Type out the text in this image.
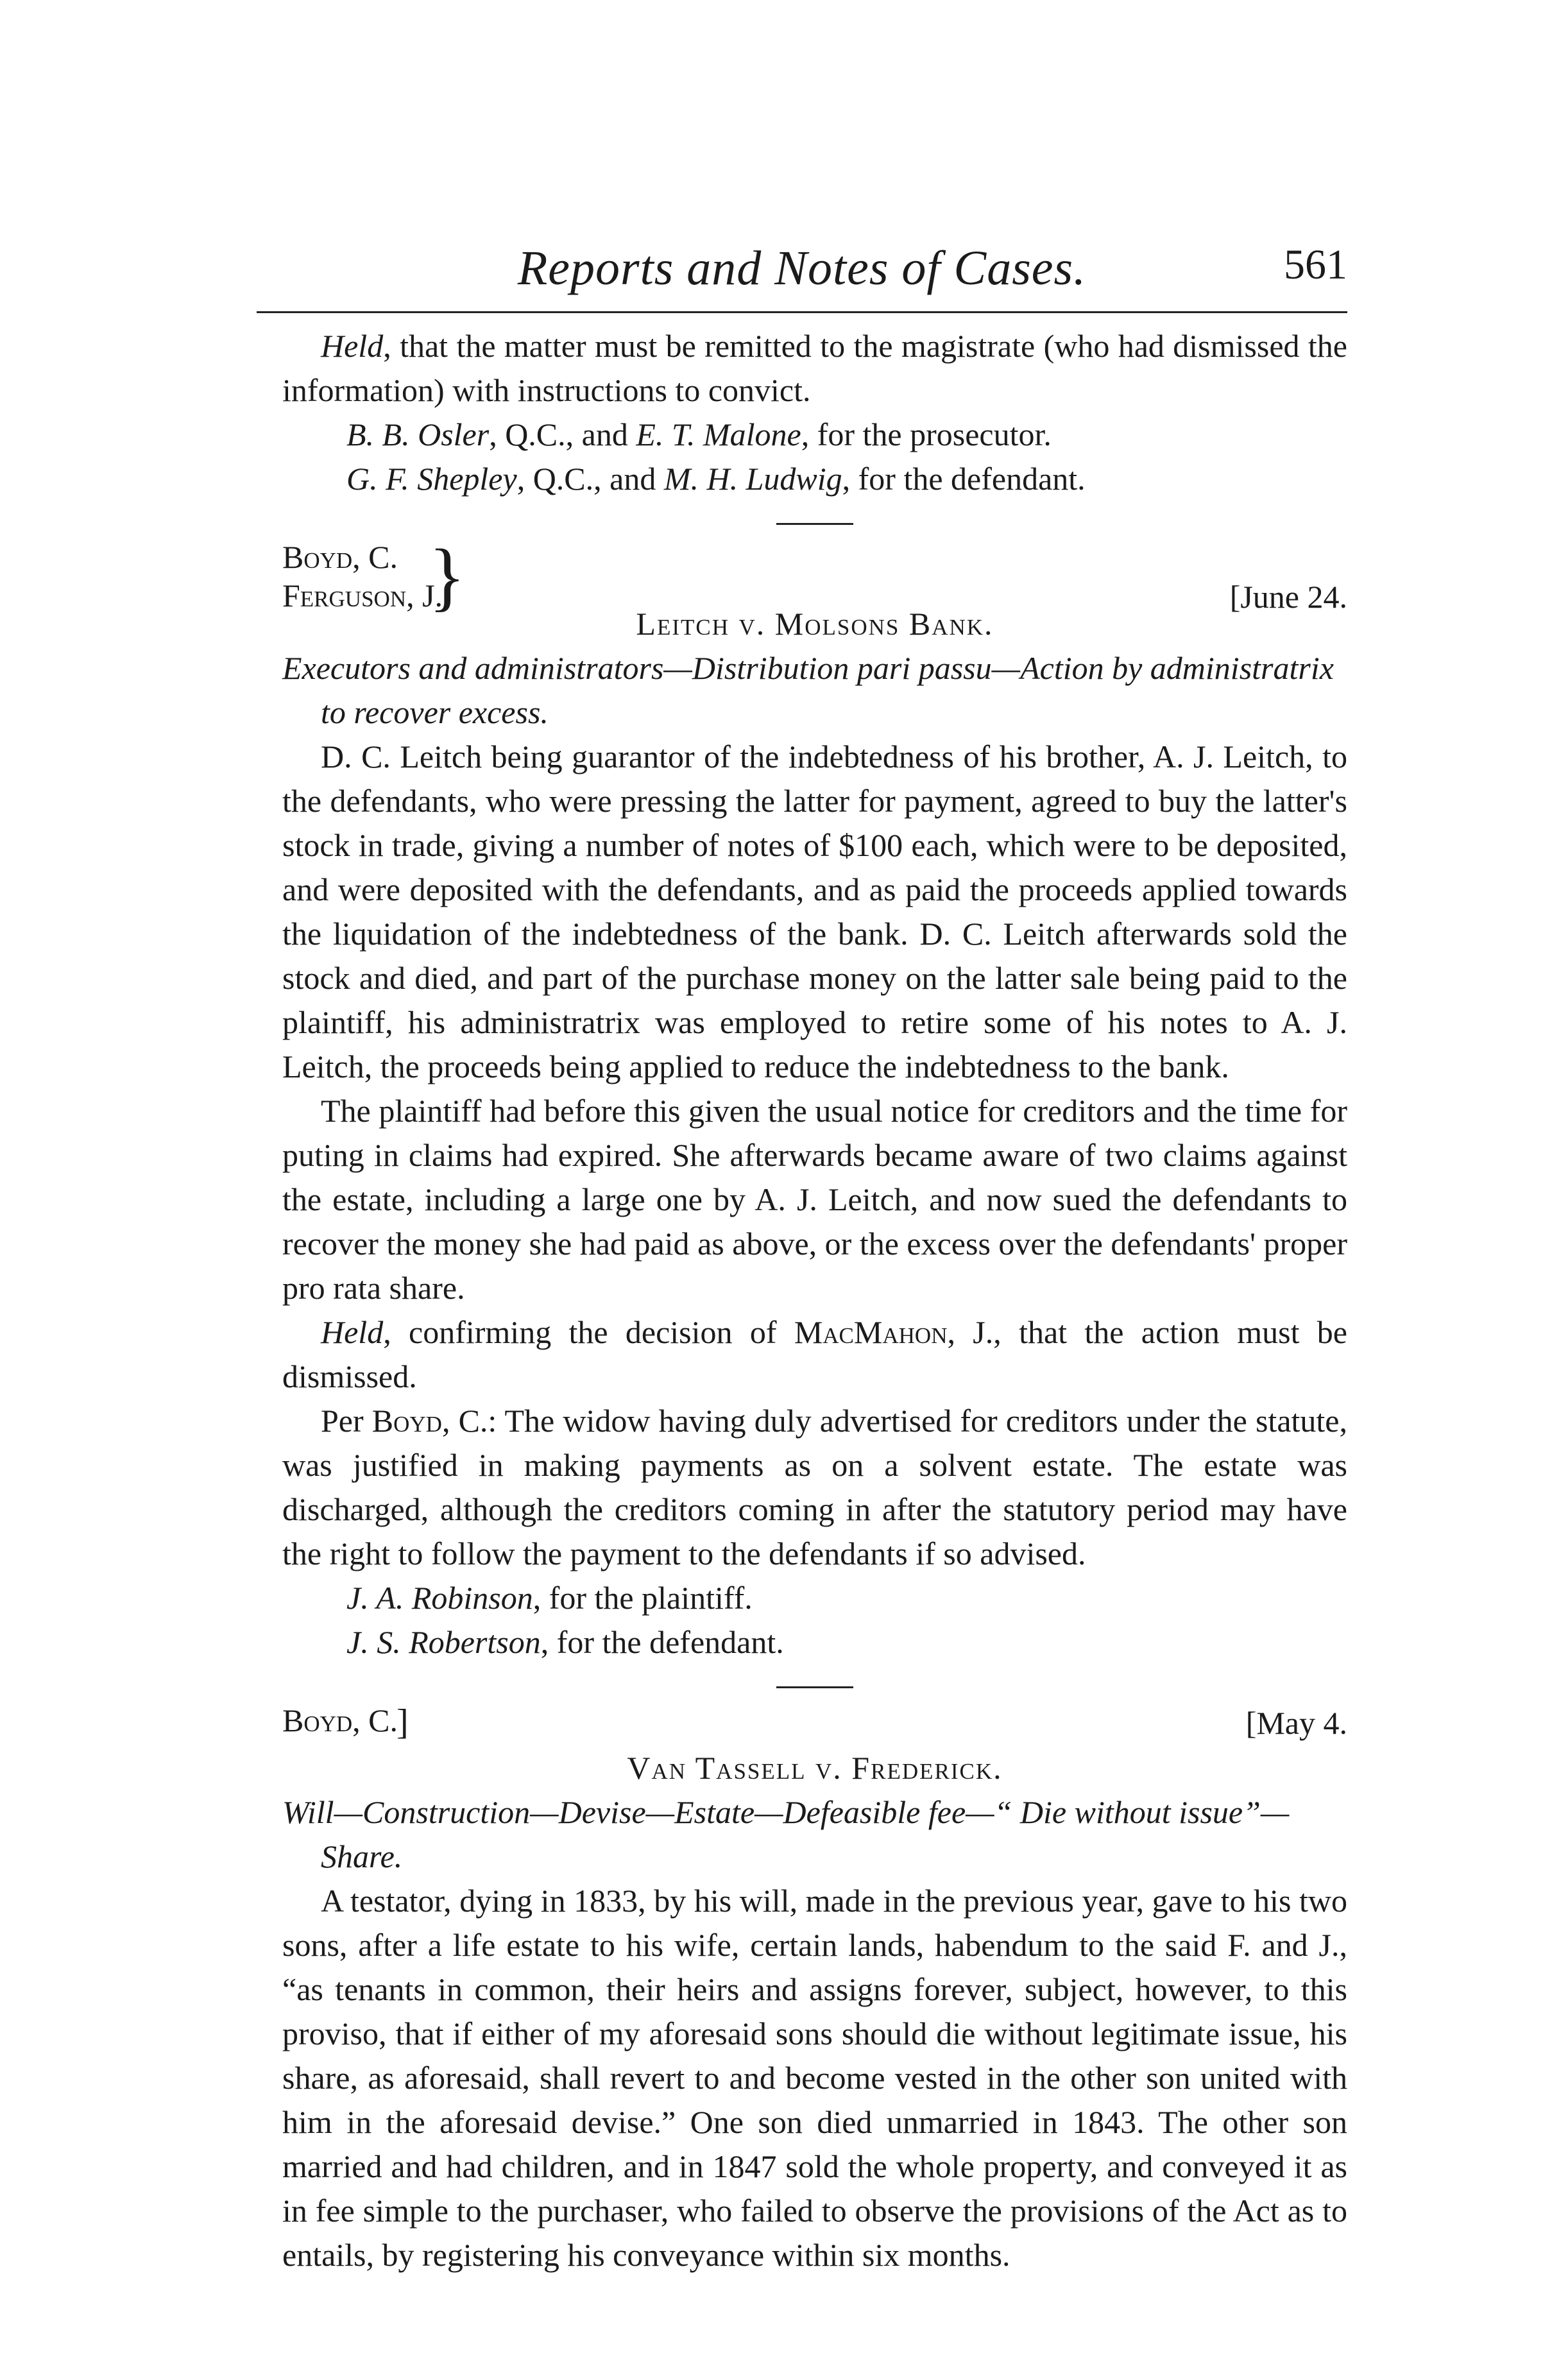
Reports and Notes of Cases.	561

Held, that the matter must be remitted to the magistrate (who had dismissed the information) with instructions to convict.

B. B. Osler, Q.C., and E. T. Malone, for the prosecutor.

G. F. Shepley, Q.C., and M. H. Ludwig, for the defendant.

Boyd, C.
Ferguson, J.
}	[June 24.

Leitch v. Molsons Bank.

Executors and administrators—Distribution pari passu—Action by administratrix to recover excess.

D. C. Leitch being guarantor of the indebtedness of his brother, A. J. Leitch, to the defendants, who were pressing the latter for payment, agreed to buy the latter's stock in trade, giving a number of notes of $100 each, which were to be deposited, and were deposited with the defendants, and as paid the proceeds applied towards the liquidation of the indebtedness of the bank. D. C. Leitch afterwards sold the stock and died, and part of the purchase money on the latter sale being paid to the plaintiff, his administratrix was employed to retire some of his notes to A. J. Leitch, the proceeds being applied to reduce the indebtedness to the bank.

The plaintiff had before this given the usual notice for creditors and the time for puting in claims had expired. She afterwards became aware of two claims against the estate, including a large one by A. J. Leitch, and now sued the defendants to recover the money she had paid as above, or the excess over the defendants' proper pro rata share.

Held, confirming the decision of MacMahon, J., that the action must be dismissed.

Per Boyd, C.: The widow having duly advertised for creditors under the statute, was justified in making payments as on a solvent estate. The estate was discharged, although the creditors coming in after the statutory period may have the right to follow the payment to the defendants if so advised.

J. A. Robinson, for the plaintiff.

J. S. Robertson, for the defendant.

Boyd, C.
]	[May 4.

Van Tassell v. Frederick.

Will—Construction—Devise—Estate—Defeasible fee—“ Die without issue”—Share.

A testator, dying in 1833, by his will, made in the previous year, gave to his two sons, after a life estate to his wife, certain lands, habendum to the said F. and J., “as tenants in common, their heirs and assigns forever, subject, however, to this proviso, that if either of my aforesaid sons should die without legitimate issue, his share, as aforesaid, shall revert to and become vested in the other son united with him in the aforesaid devise.” One son died unmarried in 1843. The other son married and had children, and in 1847 sold the whole property, and conveyed it as in fee simple to the purchaser, who failed to observe the provisions of the Act as to entails, by registering his conveyance within six months.
